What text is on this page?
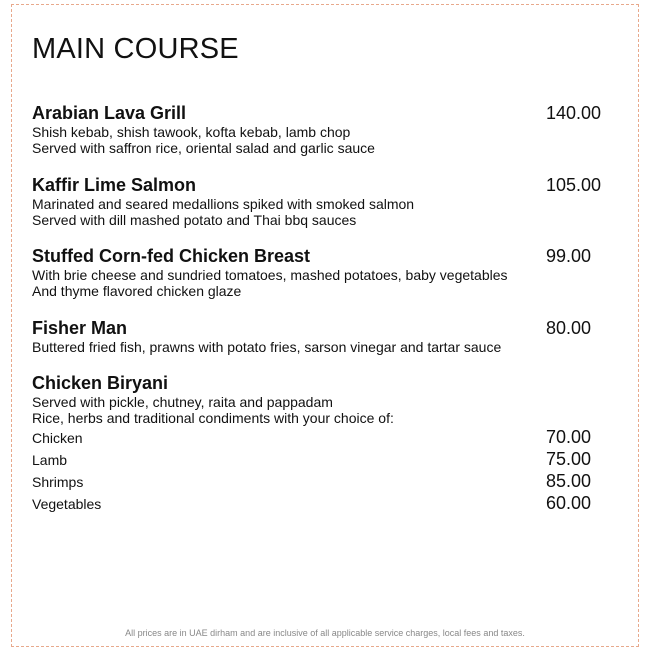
MAIN COURSE
Arabian Lava Grill
Shish kebab, shish tawook, kofta kebab, lamb chop
Served with saffron rice, oriental salad and garlic sauce
140.00
Kaffir Lime Salmon
Marinated and seared medallions spiked with smoked salmon
Served with dill mashed potato and Thai bbq sauces
105.00
Stuffed Corn-fed Chicken Breast
With brie cheese and sundried tomatoes, mashed potatoes, baby vegetables
And thyme flavored chicken glaze
99.00
Fisher Man
Buttered fried fish, prawns with potato fries, sarson vinegar and tartar sauce
80.00
Chicken Biryani
Served with pickle, chutney, raita and pappadam
Rice, herbs and traditional condiments with your choice of:
Chicken	70.00
Lamb	75.00
Shrimps	85.00
Vegetables	60.00
All prices are in UAE dirham and are inclusive of all applicable service charges, local fees and taxes.
